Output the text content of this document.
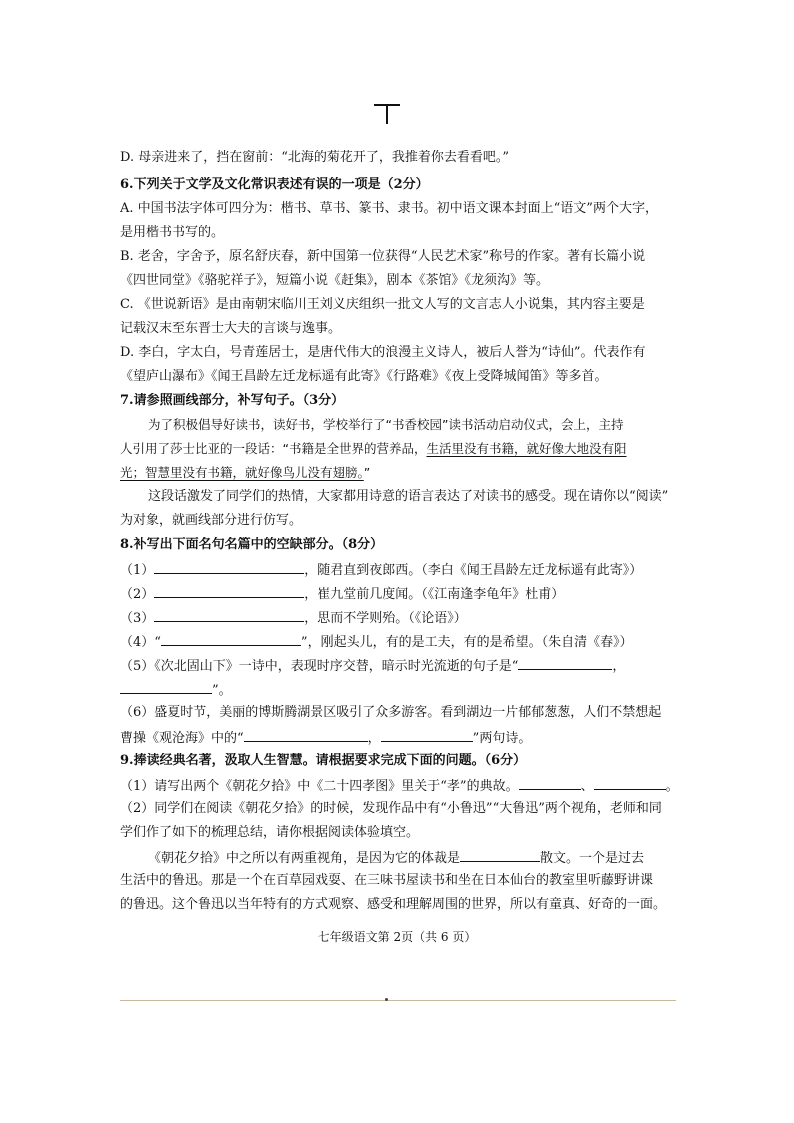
D. 母亲进来了，挡在窗前：“北海的菊花开了，我推着你去看看吧。”
6.下列关于文学及文化常识表述有误的一项是（2分）
A. 中国书法字体可四分为：楷书、草书、篆书、隶书。初中语文课本封面上“语文”两个大字，
是用楷书书写的。
B. 老舍，字舍予，原名舒庆春，新中国第一位获得“人民艺术家”称号的作家。著有长篇小说
《四世同堂》《骆驼祥子》，短篇小说《赶集》，剧本《茶馆》《龙须沟》等。
C. 《世说新语》是由南朝宋临川王刘义庆组织一批文人写的文言志人小说集，其内容主要是
记载汉末至东晋士大夫的言谈与逸事。
D. 李白，字太白，号青莲居士，是唐代伟大的浪漫主义诗人，被后人誉为“诗仙”。代表作有
《望庐山瀑布》《闻王昌龄左迁龙标遥有此寄》《行路难》《夜上受降城闻笛》等多首。
7.请参照画线部分，补写句子。（3分）
为了积极倡导好读书，读好书，学校举行了“书香校园”读书活动启动仪式，会上，主持
人引用了莎士比亚的一段话：“书籍是全世界的营养品，生活里没有书籍，就好像大地没有阳
光；智慧里没有书籍，就好像鸟儿没有翅膀。”
这段话激发了同学们的热情，大家都用诗意的语言表达了对读书的感受。现在请你以“阅读”
为对象，就画线部分进行仿写。
8.补写出下面名句名篇中的空缺部分。（8分）
（1）	，随君直到夜郎西。（李白《闻王昌龄左迁龙标遥有此寄》）
（2）	，崔九堂前几度闻。（《江南逢李龟年》杜甫）
（3）	，思而不学则殆。（《论语》）
（4）“	”，刚起头儿，有的是工夫，有的是希望。（朱自清《春》）
（5）《次北固山下》一诗中，表现时序交替，暗示时光流逝的句子是“	，
”。
（6）盛夏时节，美丽的博斯腾湖景区吸引了众多游客。看到湖边一片郁郁葱葱，人们不禁想起
曹操《观沧海》中的“	，	”两句诗。
9.捧读经典名著，汲取人生智慧。请根据要求完成下面的问题。（6分）
（1）请写出两个《朝花夕拾》中《二十四孝图》里关于“孝”的典故。	、	。
（2）同学们在阅读《朝花夕拾》的时候，发现作品中有“小鲁迅”“大鲁迅”两个视角，老师和同
学们作了如下的梳理总结，请你根据阅读体验填空。
《朝花夕拾》中之所以有两重视角，是因为它的体裁是	散文。一个是过去
生活中的鲁迅。那是一个在百草园戏耍、在三味书屋读书和坐在日本仙台的教室里听藤野讲课
的鲁迅。这个鲁迅以当年特有的方式观察、感受和理解周围的世界，所以有童真、好奇的一面。
七年级语文第 2页（共 6 页）
